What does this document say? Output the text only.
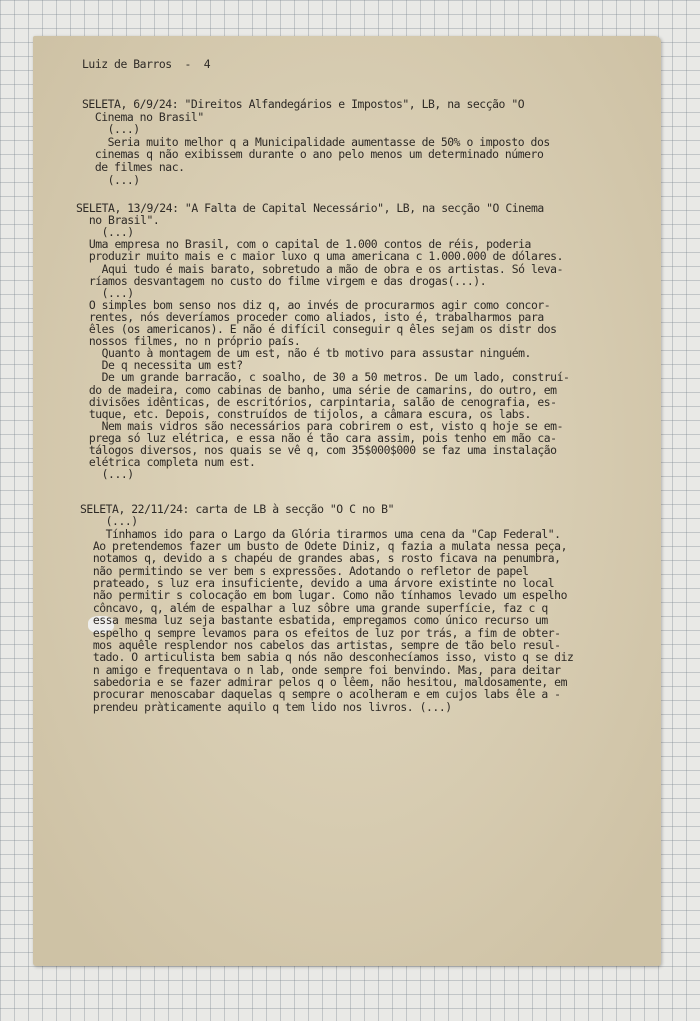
Luiz de Barros  -  4
SELETA, 6/9/24: "Direitos Alfandegários e Impostos", LB, na secção "O
Cinema no Brasil"
(...)
Seria muito melhor q a Municipalidade aumentasse de 50% o imposto dos
cinemas q não exibissem durante o ano pelo menos um determinado número
de filmes nac.
(...)
SELETA, 13/9/24: "A Falta de Capital Necessário", LB, na secção "O Cinema
no Brasil".
(...)
Uma empresa no Brasil, com o capital de 1.000 contos de réis, poderia
produzir muito mais e c maior luxo q uma americana c 1.000.000 de dólares.
Aqui tudo é mais barato, sobretudo a mão de obra e os artistas. Só leva-
ríamos desvantagem no custo do filme virgem e das drogas(...).
(...)
O simples bom senso nos diz q, ao invés de procurarmos agir como concor-
rentes, nós deveríamos proceder como aliados, isto é, trabalharmos para
êles (os americanos). E não é difícil conseguir q êles sejam os distr dos
nossos filmes, no n próprio país.
Quanto à montagem de um est, não é tb motivo para assustar ninguém.
De q necessita um est?
De um grande barracão, c soalho, de 30 a 50 metros. De um lado, construí-
do de madeira, como cabinas de banho, uma série de camarins, do outro, em
divisões idênticas, de escritórios, carpintaria, salão de cenografia, es-
tuque, etc. Depois, construídos de tijolos, a câmara escura, os labs.
Nem mais vidros são necessários para cobrirem o est, visto q hoje se em-
prega só luz elétrica, e essa não é tão cara assim, pois tenho em mão ca-
tálogos diversos, nos quais se vê q, com 35$000$000 se faz uma instalação
elétrica completa num est.
(...)
SELETA, 22/11/24: carta de LB à secção "O C no B"
(...)
Tínhamos ido para o Largo da Glória tirarmos uma cena da "Cap Federal".
Ao pretendemos fazer um busto de Odete Diniz, q fazia a mulata nessa peça,
notamos q, devido a s chapéu de grandes abas, s rosto ficava na penumbra,
não permitindo se ver bem s expressões. Adotando o refletor de papel
prateado, s luz era insuficiente, devido a uma árvore existinte no local
não permitir s colocação em bom lugar. Como não tínhamos levado um espelho
côncavo, q, além de espalhar a luz sôbre uma grande superfície, faz c q
essa mesma luz seja bastante esbatida, empregamos como único recurso um
espelho q sempre levamos para os efeitos de luz por trás, a fim de obter-
mos aquêle resplendor nos cabelos das artistas, sempre de tão belo resul-
tado. O articulista bem sabia q nós não desconhecíamos isso, visto q se diz
n amigo e frequentava o n lab, onde sempre foi benvindo. Mas, para deitar
sabedoria e se fazer admirar pelos q o lêem, não hesitou, maldosamente, em
procurar menoscabar daquelas q sempre o acolheram e em cujos labs êle a -
prendeu pràticamente aquilo q tem lido nos livros. (...)
